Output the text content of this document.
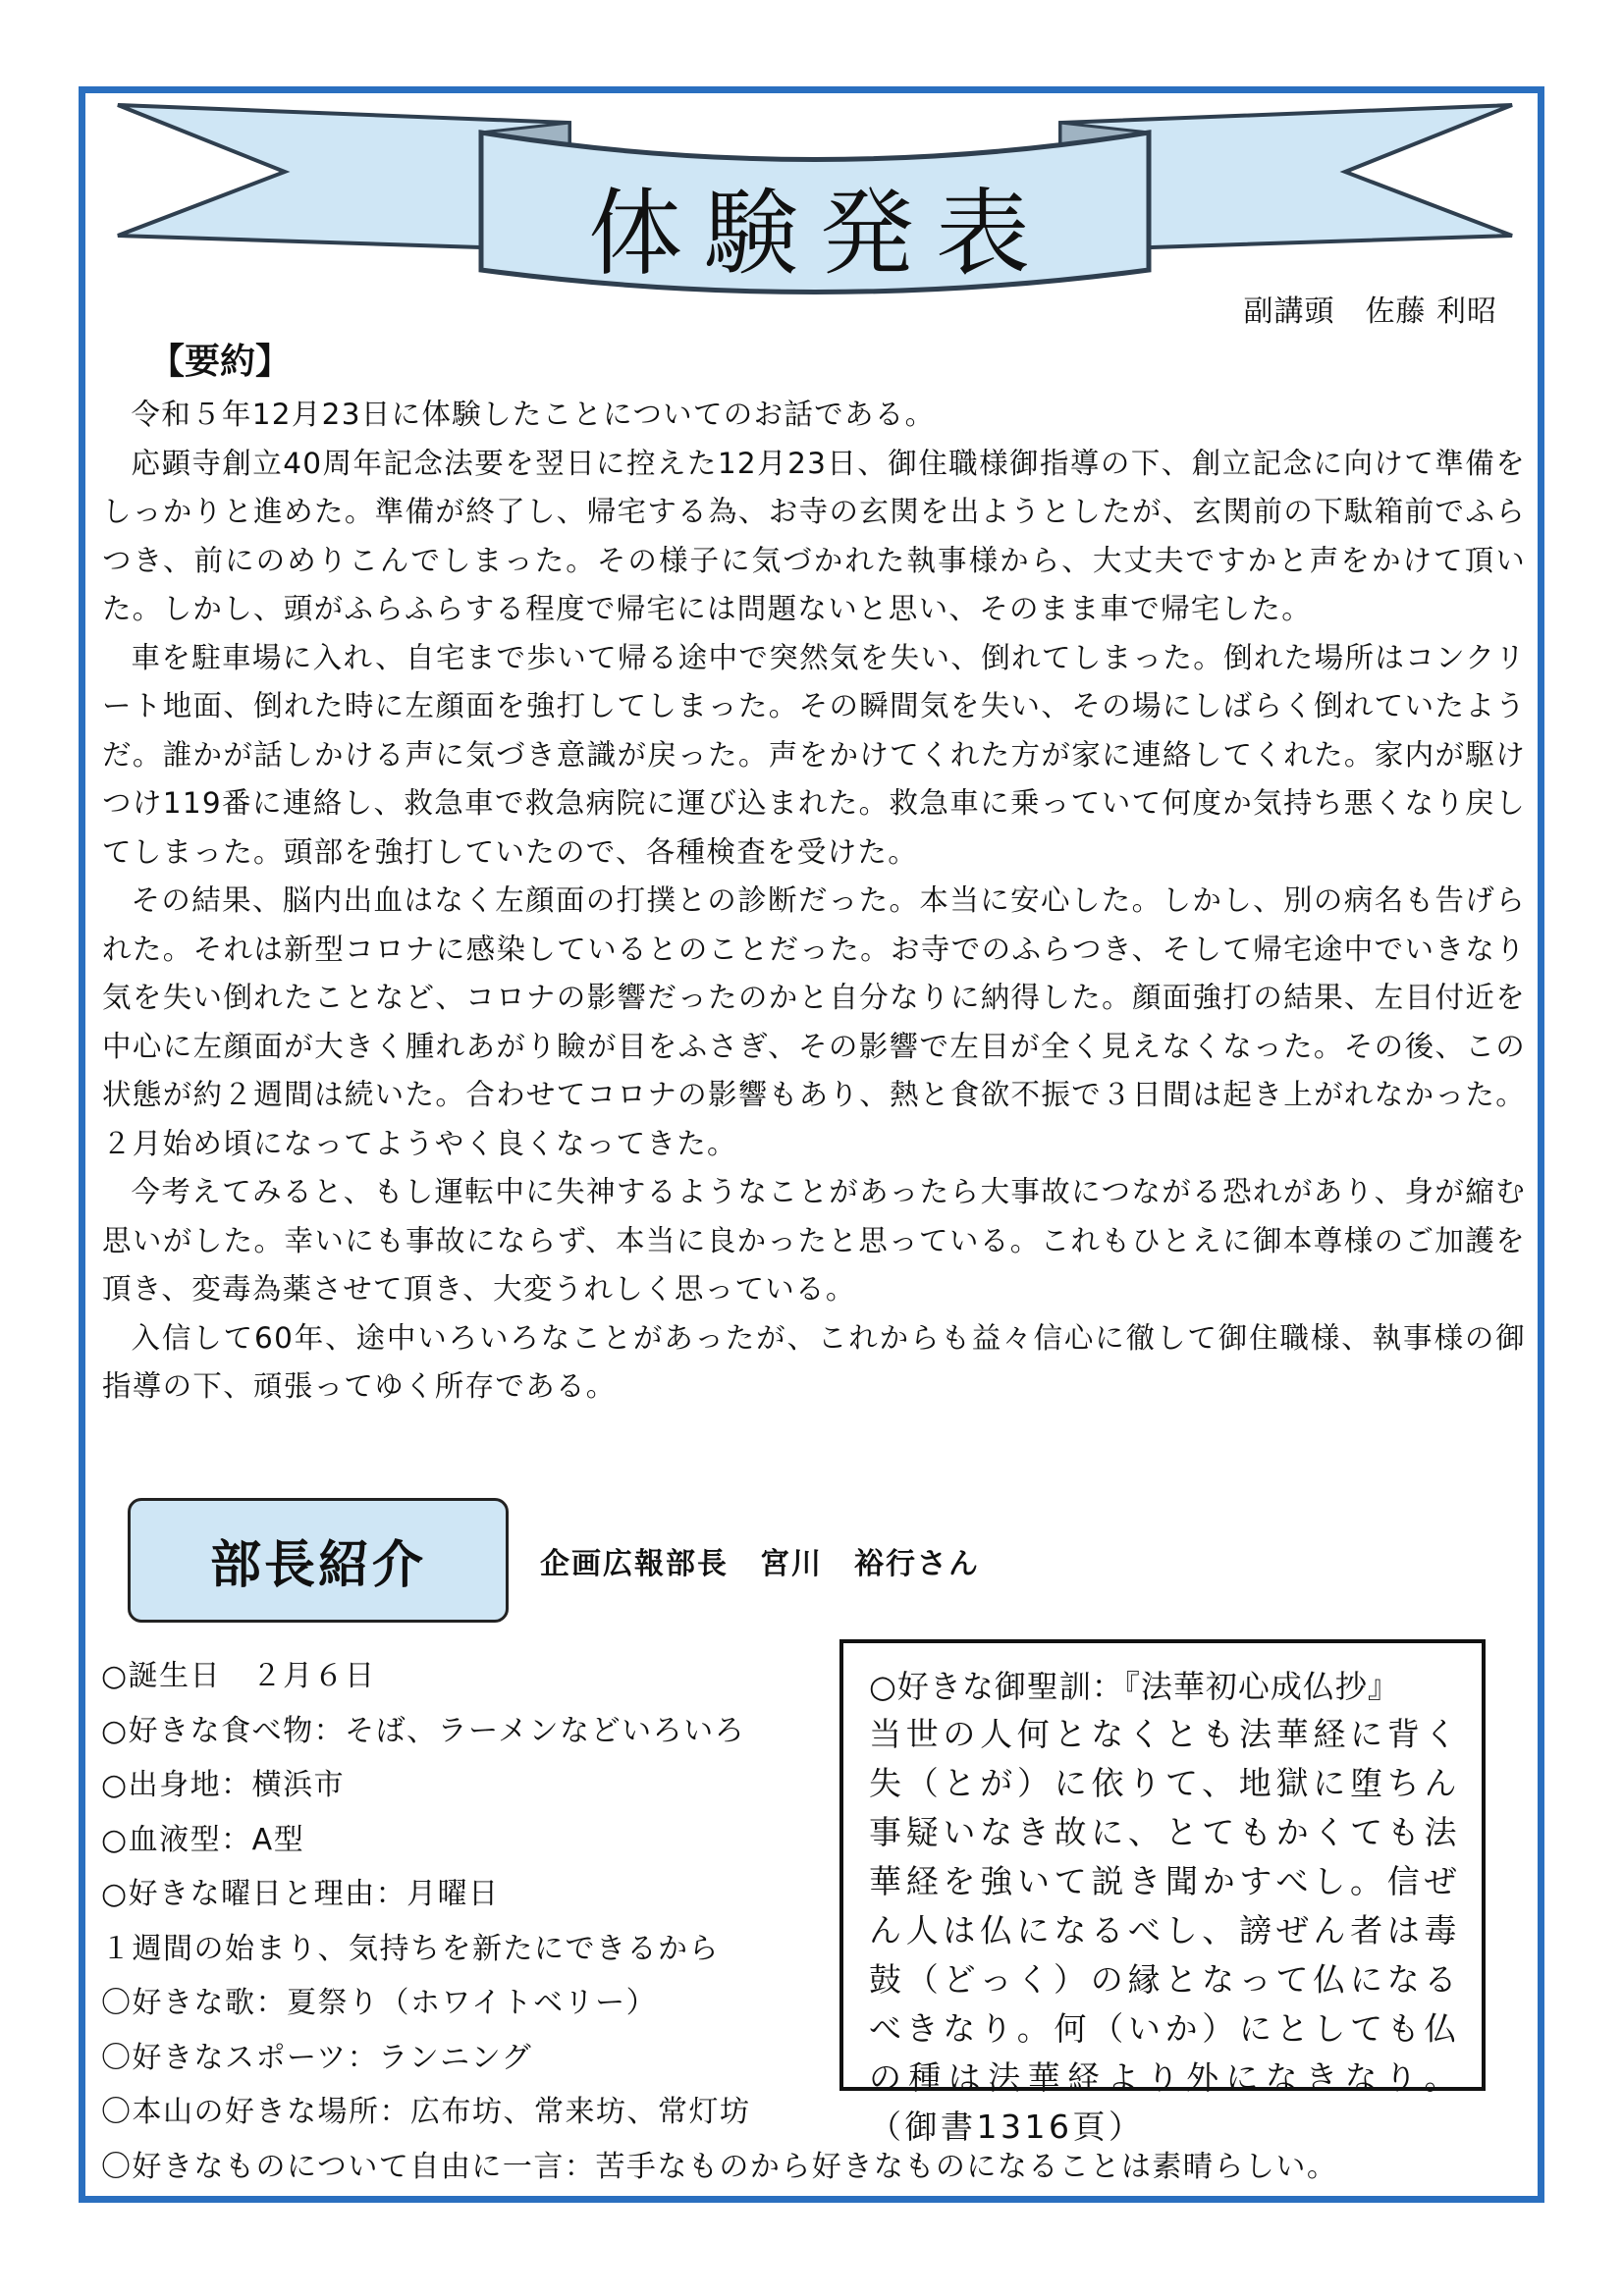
体験発表
副講頭　佐藤 利昭
【要約】

令和５年12月23日に体験したことについてのお話である。

応顕寺創立40周年記念法要を翌日に控えた12月23日、御住職様御指導の下、創立記念に向けて準備をしっかりと進めた。準備が終了し、帰宅する為、お寺の玄関を出ようとしたが、玄関前の下駄箱前でふらつき、前にのめりこんでしまった。その様子に気づかれた執事様から、大丈夫ですかと声をかけて頂いた。しかし、頭がふらふらする程度で帰宅には問題ないと思い、そのまま車で帰宅した。

車を駐車場に入れ、自宅まで歩いて帰る途中で突然気を失い、倒れてしまった。倒れた場所はコンクリート地面、倒れた時に左顔面を強打してしまった。その瞬間気を失い、その場にしばらく倒れていたようだ。誰かが話しかける声に気づき意識が戻った。声をかけてくれた方が家に連絡してくれた。家内が駆けつけ119番に連絡し、救急車で救急病院に運び込まれた。救急車に乗っていて何度か気持ち悪くなり戻してしまった。頭部を強打していたので、各種検査を受けた。

その結果、脳内出血はなく左顔面の打撲との診断だった。本当に安心した。しかし、別の病名も告げられた。それは新型コロナに感染しているとのことだった。お寺でのふらつき、そして帰宅途中でいきなり気を失い倒れたことなど、コロナの影響だったのかと自分なりに納得した。顔面強打の結果、左目付近を中心に左顔面が大きく腫れあがり瞼が目をふさぎ、その影響で左目が全く見えなくなった。その後、この状態が約２週間は続いた。合わせてコロナの影響もあり、熱と食欲不振で３日間は起き上がれなかった。２月始め頃になってようやく良くなってきた。

今考えてみると、もし運転中に失神するようなことがあったら大事故につながる恐れがあり、身が縮む思いがした。幸いにも事故にならず、本当に良かったと思っている。これもひとえに御本尊様のご加護を頂き、変毒為薬させて頂き、大変うれしく思っている。

入信して60年、途中いろいろなことがあったが、これからも益々信心に徹して御住職様、執事様の御指導の下、頑張ってゆく所存である。

部長紹介	企画広報部長　宮川　裕行さん
○誕生日　２月６日
○好きな食べ物：そば、ラーメンなどいろいろ
○出身地：横浜市
○血液型：A型
○好きな曜日と理由：月曜日
１週間の始まり、気持ちを新たにできるから
〇好きな歌：夏祭り（ホワイトベリー）
〇好きなスポーツ：ランニング
〇本山の好きな場所：広布坊、常来坊、常灯坊
〇好きなものについて自由に一言：苦手なものから好きなものになることは素晴らしい。
○好きな御聖訓：『法華初心成仏抄』
当世の人何となくとも法華経に背く失（とが）に依りて、地獄に堕ちん事疑いなき故に、とてもかくても法華経を強いて説き聞かすべし。信ぜん人は仏になるべし、謗ぜん者は毒鼓（どっく）の縁となって仏になるべきなり。何（いか）にとしても仏の種は法華経より外になきなり。（御書1316頁）
